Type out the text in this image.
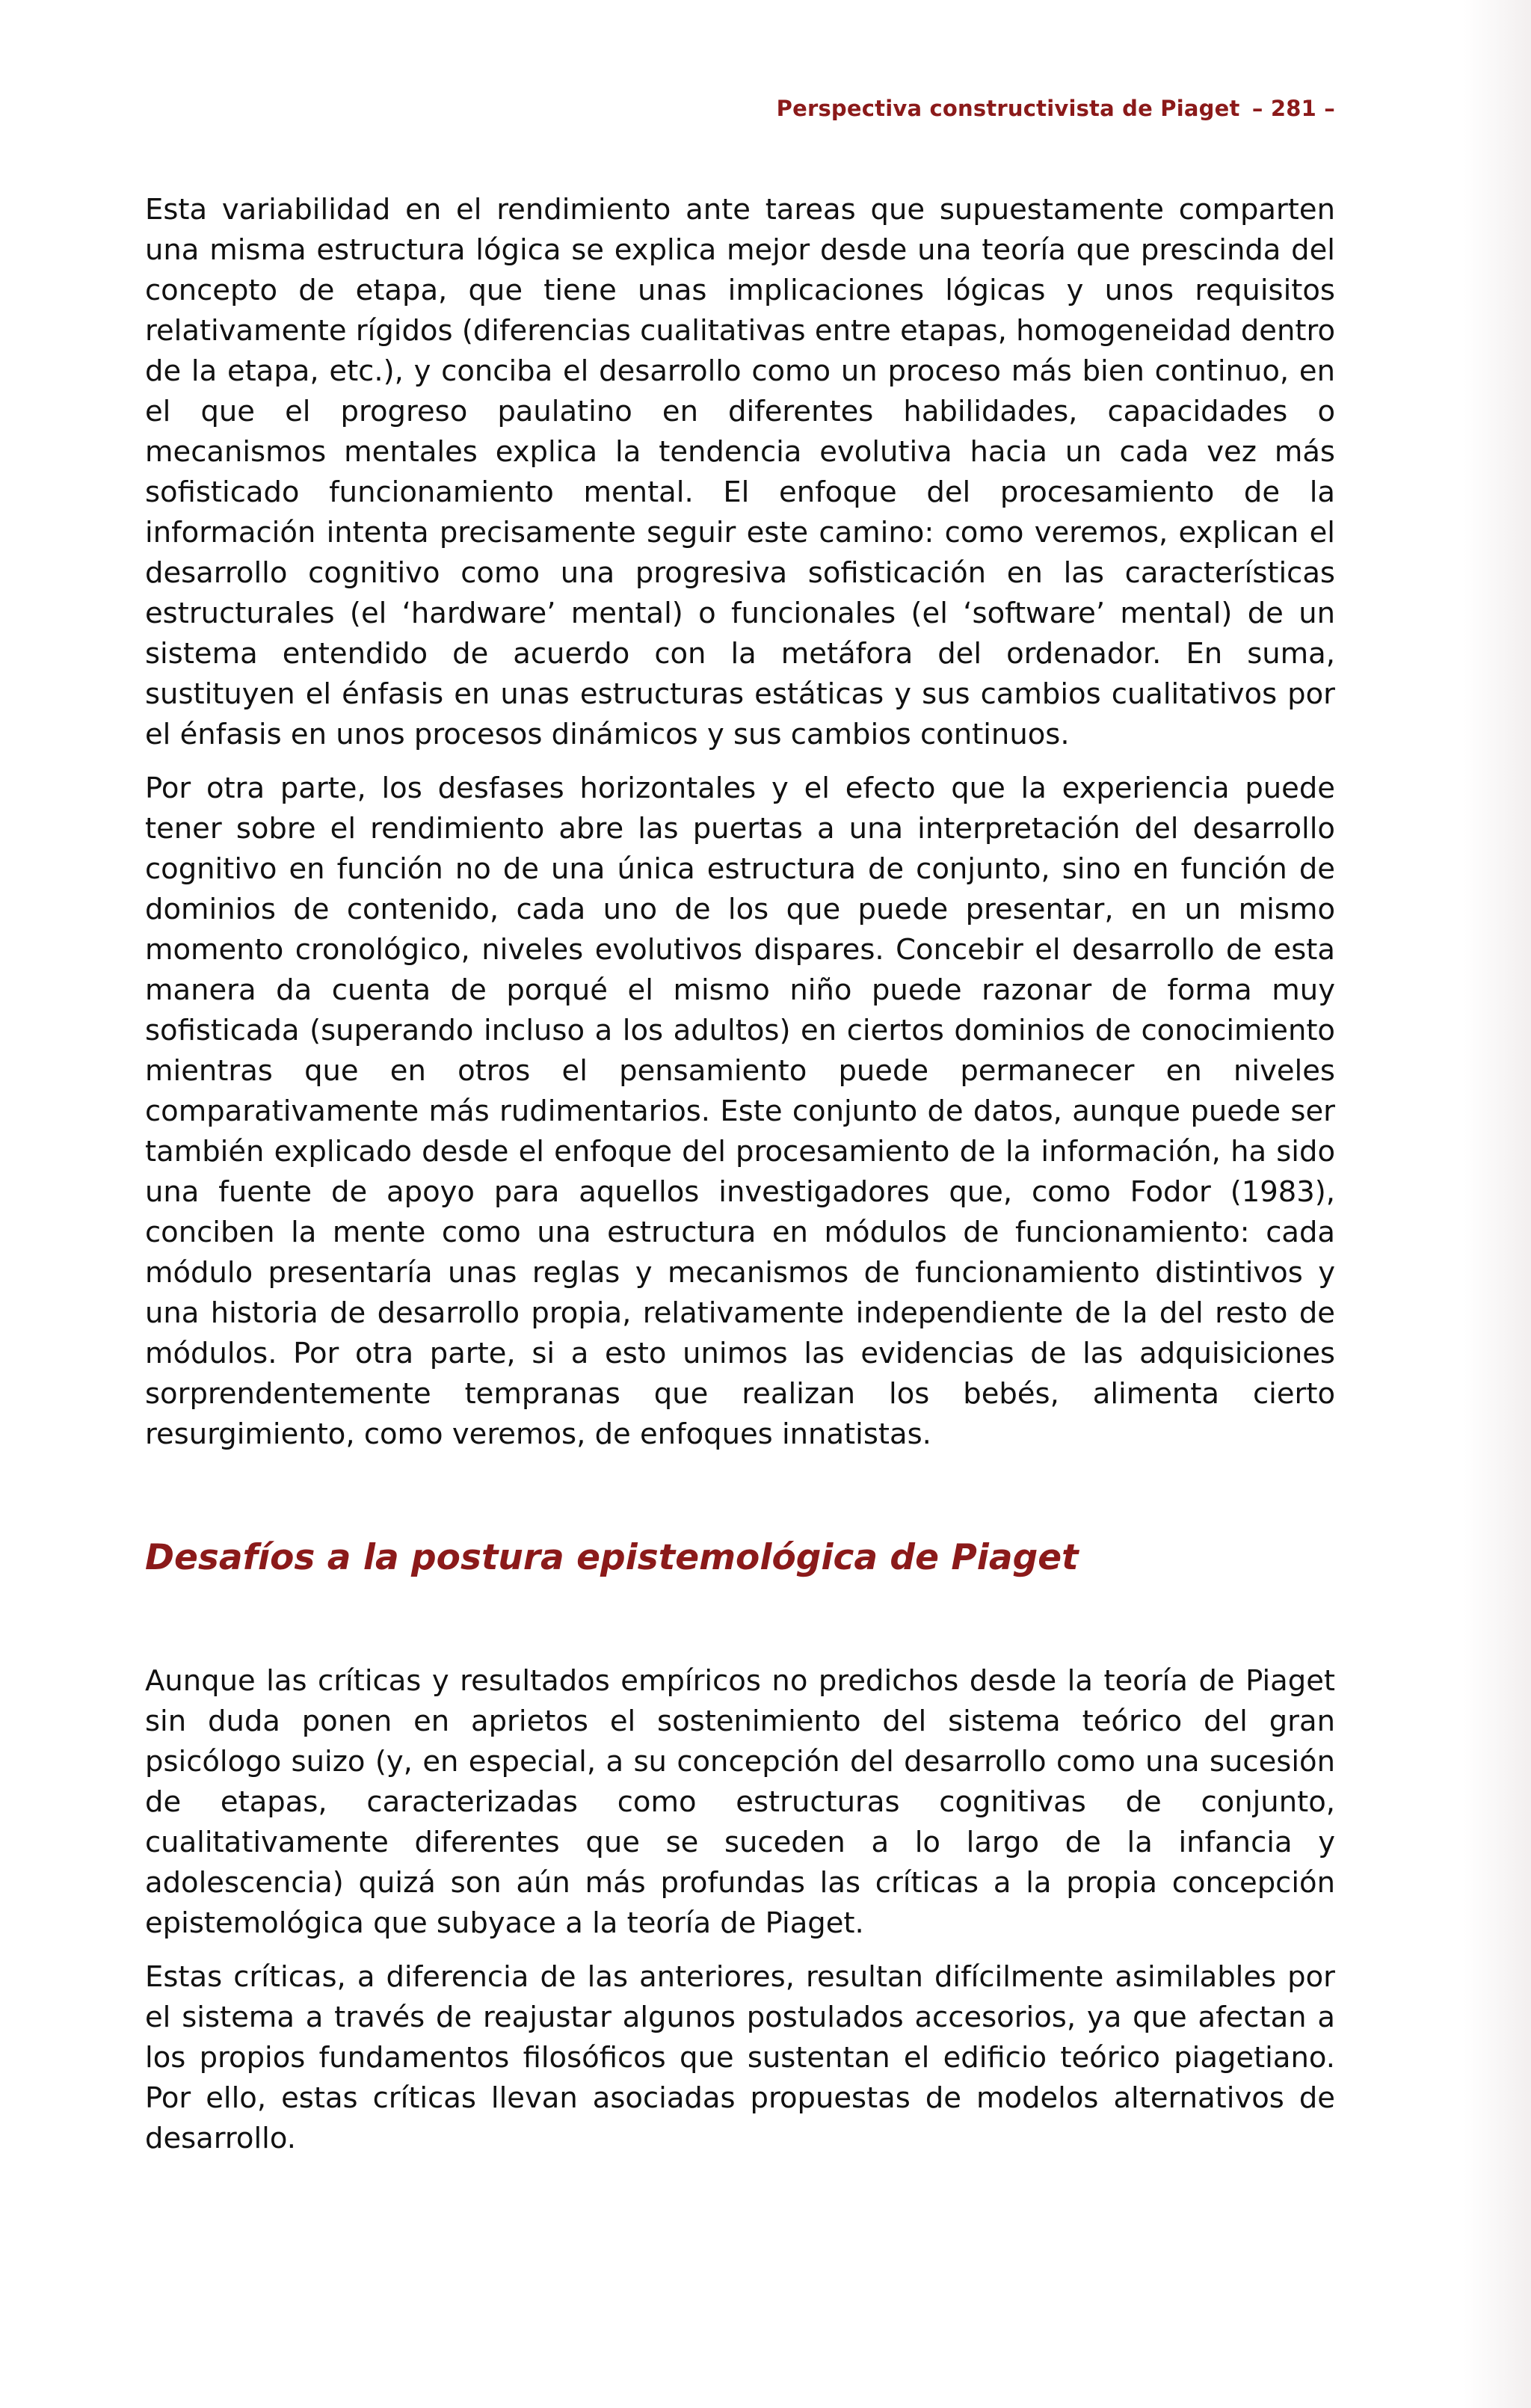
Perspectiva constructivista de Piaget – 281 –

Esta variabilidad en el rendimiento ante tareas que supuestamente comparten una misma estructura lógica se explica mejor desde una teoría que prescinda del concepto de etapa, que tiene unas implicaciones lógicas y unos requisitos relativamente rígidos (diferencias cualitativas entre etapas, homogeneidad dentro de la etapa, etc.), y conciba el desarrollo como un proceso más bien continuo, en el que el progreso paulatino en diferentes habilidades, capacidades o mecanismos mentales explica la tendencia evolutiva hacia un cada vez más sofisticado funcionamiento mental. El enfoque del procesamiento de la información intenta precisamente seguir este camino: como veremos, explican el desarrollo cognitivo como una progresiva sofisticación en las características estructurales (el ‘hardware’ mental) o funcionales (el ‘software’ mental) de un sistema entendido de acuerdo con la metáfora del ordenador. En suma, sustituyen el énfasis en unas estructuras estáticas y sus cambios cualitativos por el énfasis en unos procesos dinámicos y sus cambios continuos.

Por otra parte, los desfases horizontales y el efecto que la experiencia puede tener sobre el rendimiento abre las puertas a una interpretación del desarrollo cognitivo en función no de una única estructura de conjunto, sino en función de dominios de contenido, cada uno de los que puede presentar, en un mismo momento cronológico, niveles evolutivos dispares. Concebir el desarrollo de esta manera da cuenta de porqué el mismo niño puede razonar de forma muy sofisticada (superando incluso a los adultos) en ciertos dominios de conocimiento mientras que en otros el pensamiento puede permanecer en niveles comparativamente más rudimentarios. Este conjunto de datos, aunque puede ser también explicado desde el enfoque del procesamiento de la información, ha sido una fuente de apoyo para aquellos investigadores que, como Fodor (1983), conciben la mente como una estructura en módulos de funcionamiento: cada módulo presentaría unas reglas y mecanismos de funcionamiento distintivos y una historia de desarrollo propia, relativamente independiente de la del resto de módulos. Por otra parte, si a esto unimos las evidencias de las adquisiciones sorprendentemente tempranas que realizan los bebés, alimenta cierto resurgimiento, como veremos, de enfoques innatistas.

Desafíos a la postura epistemológica de Piaget

Aunque las críticas y resultados empíricos no predichos desde la teoría de Piaget sin duda ponen en aprietos el sostenimiento del sistema teórico del gran psicólogo suizo (y, en especial, a su concepción del desarrollo como una sucesión de etapas, caracterizadas como estructuras cognitivas de conjunto, cualitativamente diferentes que se suceden a lo largo de la infancia y adolescencia) quizá son aún más profundas las críticas a la propia concepción epistemológica que subyace a la teoría de Piaget.

Estas críticas, a diferencia de las anteriores, resultan difícilmente asimilables por el sistema a través de reajustar algunos postulados accesorios, ya que afectan a los propios fundamentos filosóficos que sustentan el edificio teórico piagetiano. Por ello, estas críticas llevan asociadas propuestas de modelos alternativos de desarrollo.
